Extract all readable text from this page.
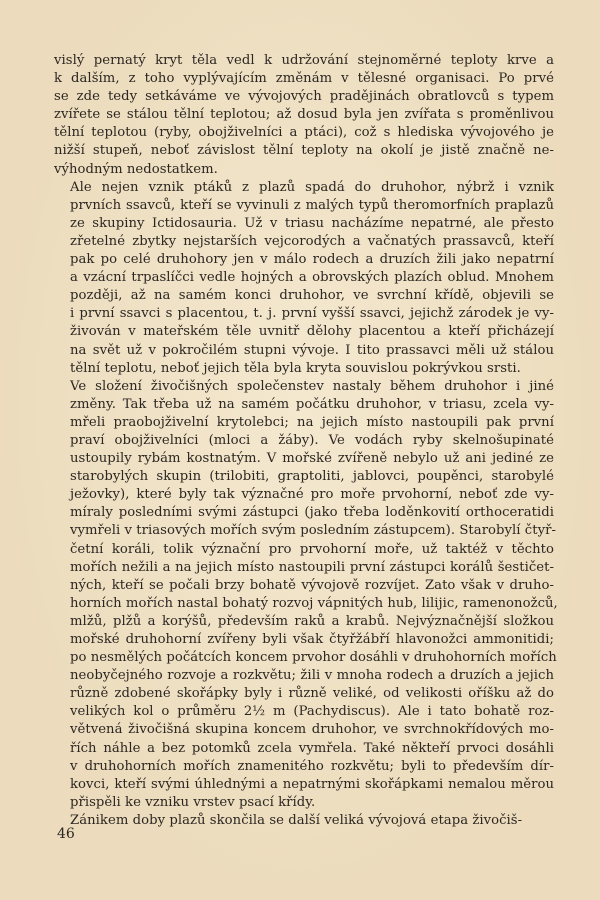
vislý pernatý kryt těla vedl k udržování stejnoměrné teploty krve a
k dalším, z toho vyplývajícím změnám v tělesné organisaci. Po prvé
se zde tedy setkáváme ve vývojových pradějinách obratlovců s typem
zvířete se stálou tělní teplotou; až dosud byla jen zvířata s proměnlivou
tělní teplotou (ryby, obojživelníci a ptáci), což s hlediska vývojového je
nižší stupeň, neboť závislost tělní teploty na okolí je jistě značně ne-
výhodným nedostatkem.

Ale nejen vznik ptáků z plazů spadá do druhohor, nýbrž i vznik
prvních ssavců, kteří se vyvinuli z malých typů theromorfních praplazů
ze skupiny Ictidosauria. Už v triasu nacházíme nepatrné, ale přesto
zřetelné zbytky nejstarších vejcorodých a vačnatých prassavců, kteří
pak po celé druhohory jen v málo rodech a druzích žili jako nepatrní
a vzácní trpaslíčci vedle hojných a obrovských plazích oblud. Mnohem
později, až na samém konci druhohor, ve svrchní křídě, objevili se
i první ssavci s placentou, t. j. první vyšší ssavci, jejichž zárodek je vy-
živován v mateřském těle uvnitř dělohy placentou a kteří přicházejí
na svět už v pokročilém stupni vývoje. I tito prassavci měli už stálou
tělní teplotu, neboť jejich těla byla kryta souvislou pokrývkou srsti.

Ve složení živočišných společenstev nastaly během druhohor i jiné
změny. Tak třeba už na samém počátku druhohor, v triasu, zcela vy-
mřeli praobojživelní krytolebci; na jejich místo nastoupili pak první
praví obojživelníci (mloci a žáby). Ve vodách ryby skelnošupinaté
ustoupily rybám kostnatým. V mořské zvířeně nebylo už ani jediné ze
starobylých skupin (trilobiti, graptoliti, jablovci, poupěnci, starobylé
ježovky), které byly tak význačné pro moře prvohorní, neboť zde vy-
míraly posledními svými zástupci (jako třeba loděnkovití orthoceratidi
vymřeli v triasových mořích svým posledním zástupcem). Starobylí čtyř-
četní koráli, tolik význační pro prvohorní moře, už taktéž v těchto
mořích nežili a na jejich místo nastoupili první zástupci korálů šestičet-
ných, kteří se počali brzy bohatě vývojově rozvíjet. Zato však v druho-
horních mořích nastal bohatý rozvoj vápnitých hub, lilijic, ramenonožců,
mlžů, plžů a korýšů, především raků a krabů. Nejvýznačnější složkou
mořské druhohorní zvířeny byli však čtyřžábří hlavonožci ammonitidi;
po nesmělých počátcích koncem prvohor dosáhli v druhohorních mořích
neobyčejného rozvoje a rozkvětu; žili v mnoha rodech a druzích a jejich
různě zdobené skořápky byly i různě veliké, od velikosti oříšku až do
velikých kol o průměru 2½ m (Pachydiscus). Ale i tato bohatě roz-
větvená živočišná skupina koncem druhohor, ve svrchnokřídových mo-
řích náhle a bez potomků zcela vymřela. Také někteří prvoci dosáhli
v druhohorních mořích znamenitého rozkvětu; byli to především dír-
kovci, kteří svými úhlednými a nepatrnými skořápkami nemalou měrou
přispěli ke vzniku vrstev psací křídy.

Zánikem doby plazů skončila se další veliká vývojová etapa živočiš-

46
